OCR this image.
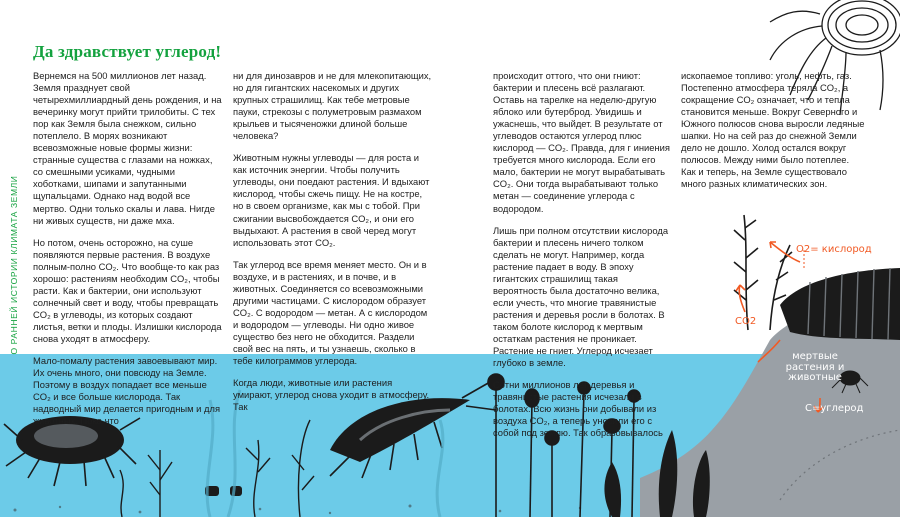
O2= кислород
CO2
мертвые растения и животные
C=углерод
О РАННЕЙ ИСТОРИИ КЛИМАТА ЗЕМЛИ
Да здравствует углерод!

Вернемся на 500 миллионов лет назад. Земля празднует свой четырехмиллиардный день рождения, и на вечеринку могут прийти трилобиты. С тех пор как Земля была снежком, сильно потеплело. В морях возникают всевозможные новые формы жизни: странные существа с глазами на ножках, со смешными усиками, чудными хоботками, шипами и запутанными щупальцами. Однако над водой все мертво. Одни только скалы и лава. Нигде ни живых существ, ни даже мха.

Но потом, очень осторожно, на суше появляются первые растения. В воздухе полным-полно CO₂. Что вообще-то как раз хорошо: растениям необходим CO₂, чтобы расти. Как и бактерии, они используют солнечный свет и воду, чтобы превращать CO₂ в углеводы, из которых создают листья, ветки и плоды. Излишки кислорода снова уходят в атмосферу.

Мало-помалу растения завоевывают мир. Их очень много, они повсюду на Земле. Поэтому в воздух попадает все меньше CO₂ и все больше кислорода. Так надводный мир делается пригодным и для животных. Пока что

ни для динозавров и не для млекопитающих, но для гигантских насекомых и других крупных страшилищ. Как тебе метровые пауки, стрекозы с полуметровым размахом крыльев и тысяченожки длиной больше человека?

Животным нужны углеводы — для роста и как источник энергии. Чтобы получить углеводы, они поедают растения. И вдыхают кислород, чтобы сжечь пищу. Не на костре, но в своем организме, как мы с тобой. При сжигании высвобождается CO₂, и они его выдыхают. А растения в свой черед могут использовать этот CO₂.

Так углерод все время меняет место. Он и в воздухе, и в растениях, и в почве, и в животных. Соединяется со всевозможными другими частицами. С кислородом образует CO₂. С водородом — метан. А с кислородом и водородом — углеводы. Ни одно живое существо без него не обходится. Раздели свой вес на пять, и ты узнаешь, сколько в тебе килограммов углерода.

Когда люди, животные или растения умирают, углерод снова уходит в атмосферу. Так

происходит оттого, что они гниют: бактерии и плесень всё разлагают. Оставь на тарелке на неделю-другую яблоко или бутерброд. Увидишь и ужаснешь, что выйдет. В результате от углеводов остаются углерод плюс кислород — CO₂. Правда, для г иниения требуется много кислорода. Если его мало, бактерии не могут вырабатывать CO₂. Они тогда вырабатывают только метан — соединение углерода с водородом.

Лишь при полном отсутствии кислорода бактерии и плесень ничего толком сделать не могут. Например, когда растение падает в воду. В эпоху гигантских страшилищ такая вероятность была достаточно велика, если учесть, что многие травянистые растения и деревья росли в болотах. В таком болоте кислород к мертвым остаткам растения не проникает. Растение не гниет. Углерод исчезает глубоко в земле.

Сотни миллионов лет деревья и травянистые растения исчезали в болотах. Всю жизнь они добывали из воздуха CO₂, а теперь уносили его с собой под землю. Так образовывалось

ископаемое топливо: уголь, нефть, газ. Постепенно атмосфера теряла CO₂, а сокращение CO₂ означает, что и тепла становится меньше. Вокруг Северного и Южного полюсов снова выросли ледяные шапки. Но на сей раз до снежной Земли дело не дошло. Холод остался вокруг полюсов. Между ними было потеплее. Как и теперь, на Земле существовало много разных климатических зон.
